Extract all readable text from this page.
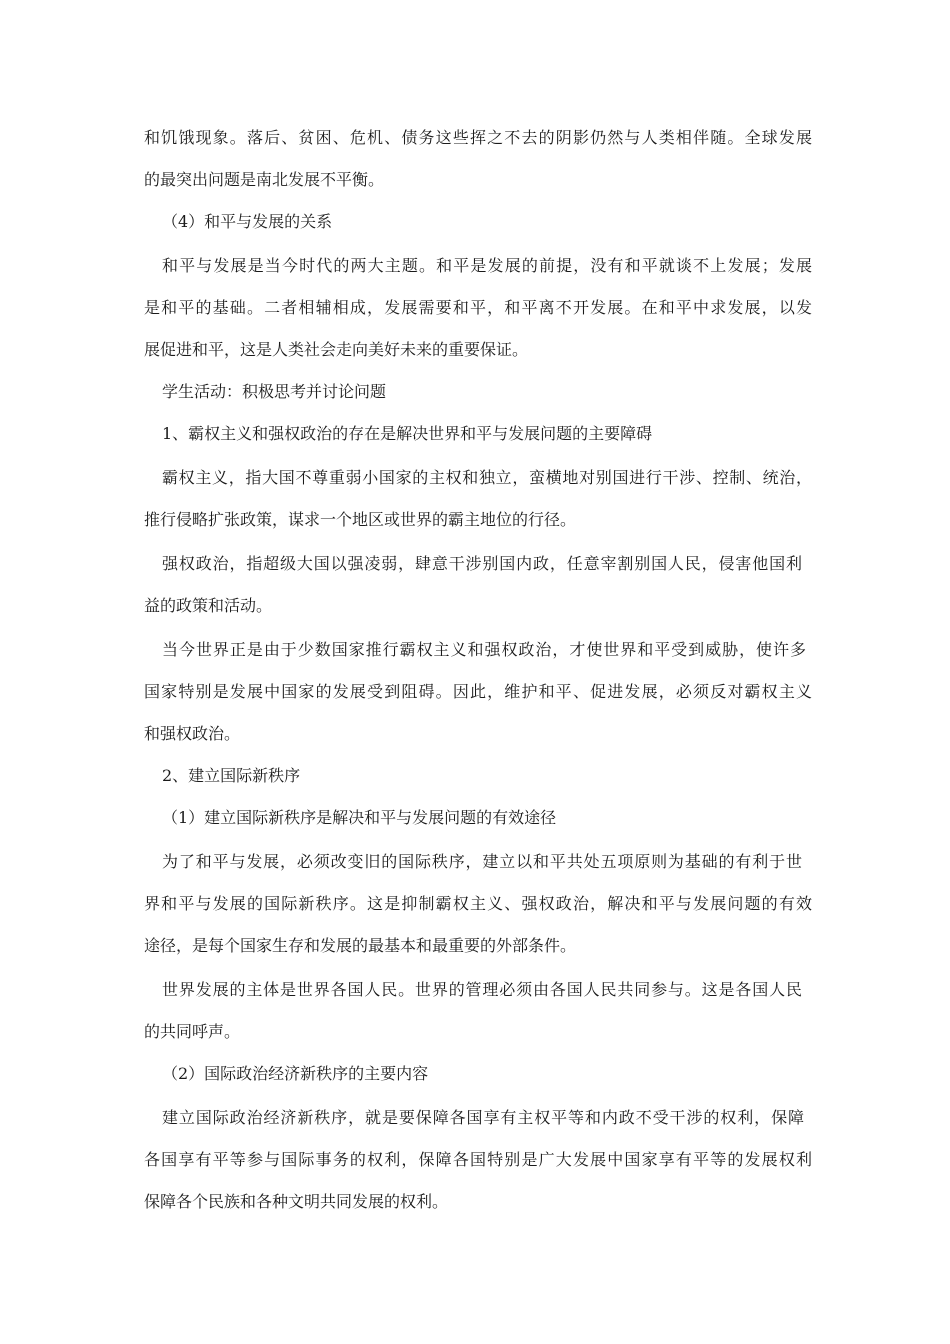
和饥饿现象。落后、贫困、危机、债务这些挥之不去的阴影仍然与人类相伴随。全球发展

的最突出问题是南北发展不平衡。

（4）和平与发展的关系

和平与发展是当今时代的两大主题。和平是发展的前提，没有和平就谈不上发展；发展

是和平的基础。二者相辅相成，发展需要和平，和平离不开发展。在和平中求发展，以发

展促进和平，这是人类社会走向美好未来的重要保证。

学生活动：积极思考并讨论问题

1、霸权主义和强权政治的存在是解决世界和平与发展问题的主要障碍

霸权主义，指大国不尊重弱小国家的主权和独立，蛮横地对别国进行干涉、控制、统治，

推行侵略扩张政策，谋求一个地区或世界的霸主地位的行径。

强权政治，指超级大国以强凌弱，肆意干涉别国内政，任意宰割别国人民，侵害他国利

益的政策和活动。

当今世界正是由于少数国家推行霸权主义和强权政治，才使世界和平受到威胁，使许多

国家特别是发展中国家的发展受到阻碍。因此，维护和平、促进发展，必须反对霸权主义

和强权政治。

2、建立国际新秩序

（1）建立国际新秩序是解决和平与发展问题的有效途径

为了和平与发展，必须改变旧的国际秩序，建立以和平共处五项原则为基础的有利于世

界和平与发展的国际新秩序。这是抑制霸权主义、强权政治，解决和平与发展问题的有效

途径，是每个国家生存和发展的最基本和最重要的外部条件。

世界发展的主体是世界各国人民。世界的管理必须由各国人民共同参与。这是各国人民

的共同呼声。

（2）国际政治经济新秩序的主要内容

建立国际政治经济新秩序，就是要保障各国享有主权平等和内政不受干涉的权利，保障

各国享有平等参与国际事务的权利，保障各国特别是广大发展中国家享有平等的发展权利

保障各个民族和各种文明共同发展的权利。
